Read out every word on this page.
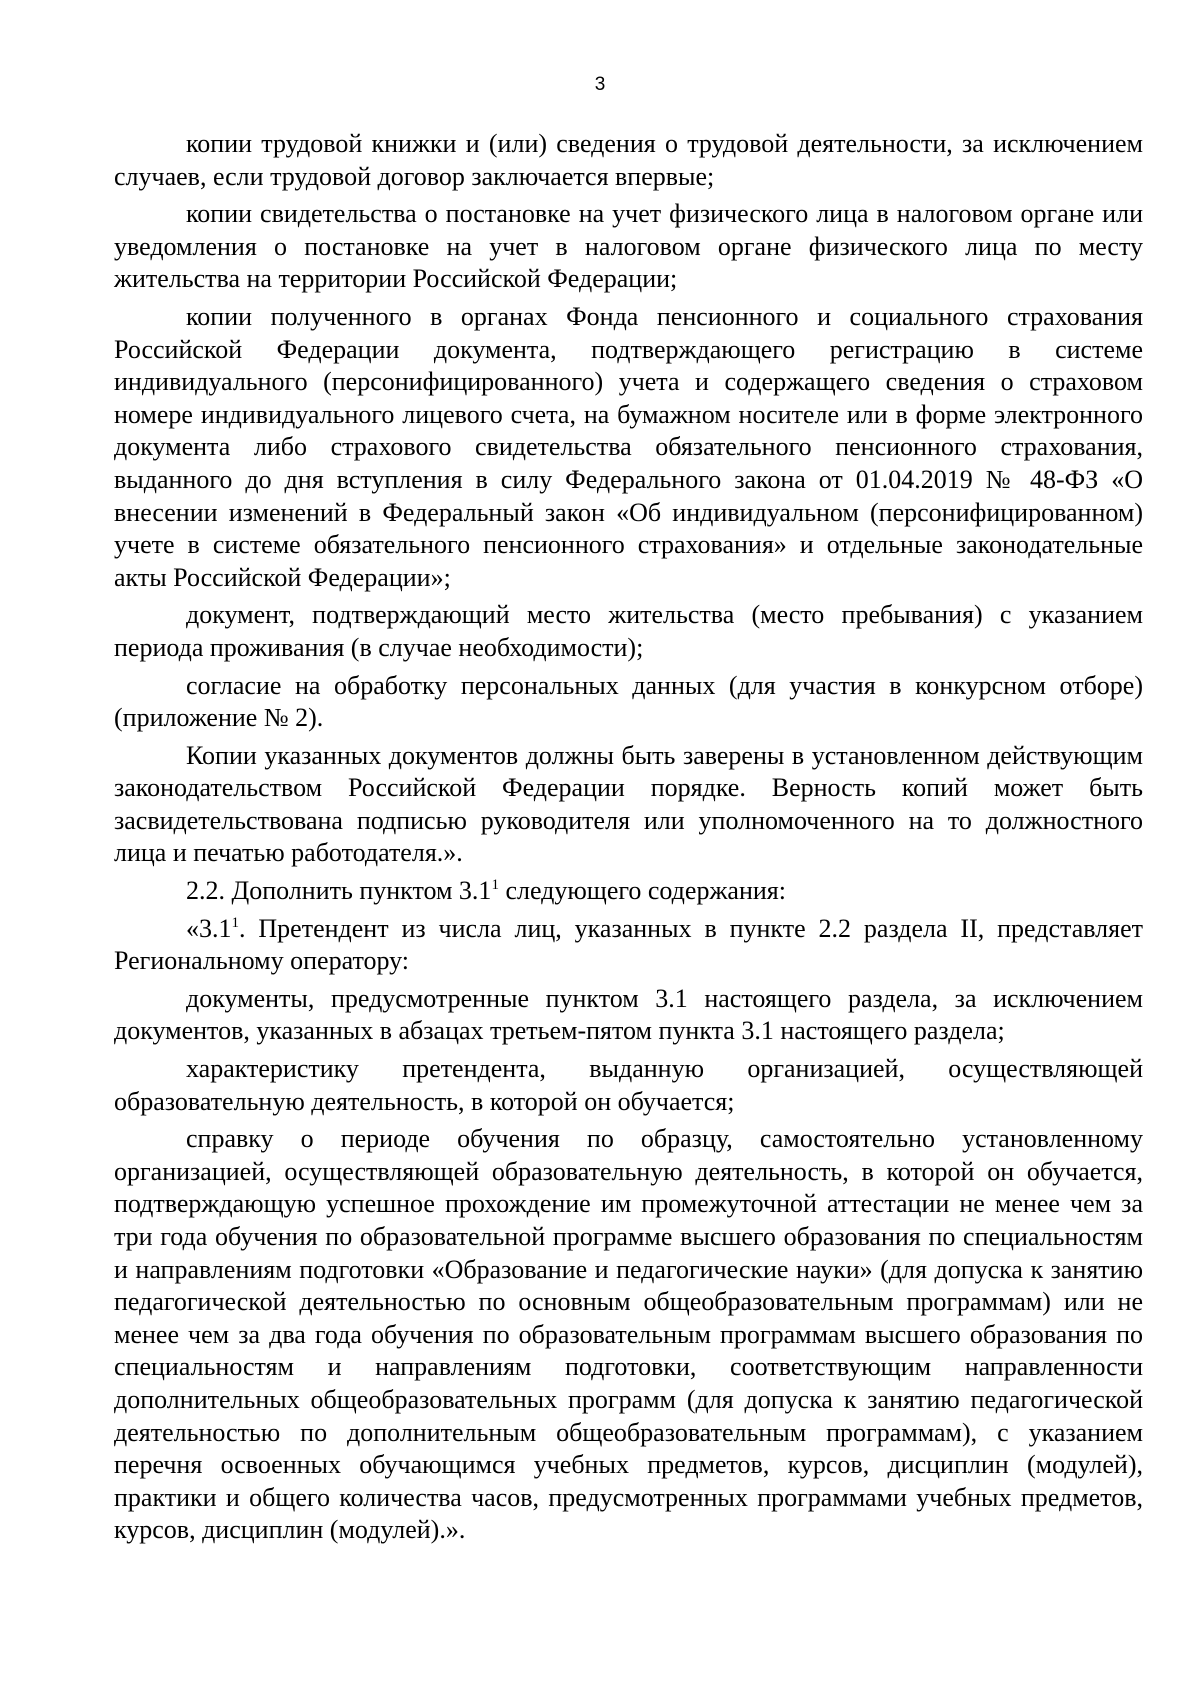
3

копии трудовой книжки и (или) сведения о трудовой деятельности, за исключением случаев, если трудовой договор заключается впервые;

копии свидетельства о постановке на учет физического лица в налоговом органе или уведомления о постановке на учет в налоговом органе физического лица по месту жительства на территории Российской Федерации;

копии полученного в органах Фонда пенсионного и социального страхования Российской Федерации документа, подтверждающего регистрацию в системе индивидуального (персонифицированного) учета и содержащего сведения о страховом номере индивидуального лицевого счета, на бумажном носителе или в форме электронного документа либо страхового свидетельства обязательного пенсионного страхования, выданного до дня вступления в силу Федерального закона от 01.04.2019 № 48-ФЗ «О внесении изменений в Федеральный закон «Об индивидуальном (персонифицированном) учете в системе обязательного пенсионного страхования» и отдельные законодательные акты Российской Федерации»;

документ, подтверждающий место жительства (место пребывания) с указанием периода проживания (в случае необходимости);

согласие на обработку персональных данных (для участия в конкурсном отборе) (приложение № 2).

Копии указанных документов должны быть заверены в установленном действующим законодательством Российской Федерации порядке. Верность копий может быть засвидетельствована подписью руководителя или уполномоченного на то должностного лица и печатью работодателя.».

2.2. Дополнить пунктом $3.1^1$ следующего содержания:

«$3.1^1$. Претендент из числа лиц, указанных в пункте 2.2 раздела II, представляет Региональному оператору:

документы, предусмотренные пунктом 3.1 настоящего раздела, за исключением документов, указанных в абзацах третьем-пятом пункта 3.1 настоящего раздела;

характеристику претендента, выданную организацией, осуществляющей образовательную деятельность, в которой он обучается;

справку о периоде обучения по образцу, самостоятельно установленному организацией, осуществляющей образовательную деятельность, в которой он обучается, подтверждающую успешное прохождение им промежуточной аттестации не менее чем за три года обучения по образовательной программе высшего образования по специальностям и направлениям подготовки «Образование и педагогические науки» (для допуска к занятию педагогической деятельностью по основным общеобразовательным программам) или не менее чем за два года обучения по образовательным программам высшего образования по специальностям и направлениям подготовки, соответствующим направленности дополнительных общеобразовательных программ (для допуска к занятию педагогической деятельностью по дополнительным общеобразовательным программам), с указанием перечня освоенных обучающимся учебных предметов, курсов, дисциплин (модулей), практики и общего количества часов, предусмотренных программами учебных предметов, курсов, дисциплин (модулей).».
